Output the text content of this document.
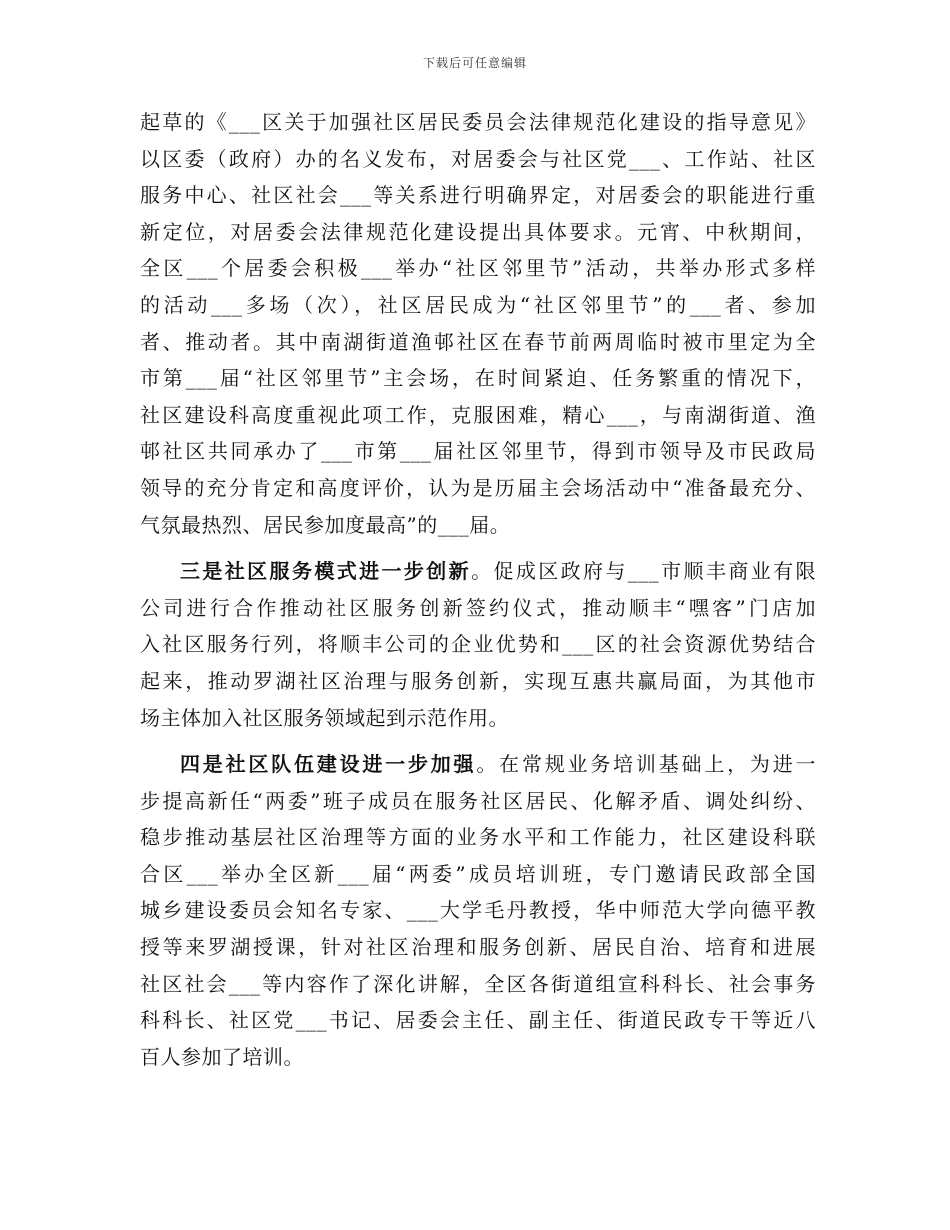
下载后可任意编辑
起草的《___区关于加强社区居民委员会法律规范化建设的指导意见》
以区委（政府）办的名义发布，对居委会与社区党___、工作站、社区
服务中心、社区社会___等关系进行明确界定，对居委会的职能进行重
新定位，对居委会法律规范化建设提出具体要求。元宵、中秋期间，
全区___个居委会积极___举办“社区邻里节”活动，共举办形式多样
的活动___多场（次），社区居民成为“社区邻里节”的___者、参加
者、推动者。其中南湖街道渔邨社区在春节前两周临时被市里定为全
市第___届“社区邻里节”主会场，在时间紧迫、任务繁重的情况下，
社区建设科高度重视此项工作，克服困难，精心___，与南湖街道、渔
邨社区共同承办了___市第___届社区邻里节，得到市领导及市民政局
领导的充分肯定和高度评价，认为是历届主会场活动中“准备最充分、
气氛最热烈、居民参加度最高”的___届。
三是社区服务模式进一步创新。促成区政府与___市顺丰商业有限
公司进行合作推动社区服务创新签约仪式，推动顺丰“嘿客”门店加
入社区服务行列，将顺丰公司的企业优势和___区的社会资源优势结合
起来，推动罗湖社区治理与服务创新，实现互惠共赢局面，为其他市
场主体加入社区服务领域起到示范作用。
四是社区队伍建设进一步加强。在常规业务培训基础上，为进一
步提高新任“两委”班子成员在服务社区居民、化解矛盾、调处纠纷、
稳步推动基层社区治理等方面的业务水平和工作能力，社区建设科联
合区___举办全区新___届“两委”成员培训班，专门邀请民政部全国
城乡建设委员会知名专家、___大学毛丹教授，华中师范大学向德平教
授等来罗湖授课，针对社区治理和服务创新、居民自治、培育和进展
社区社会___等内容作了深化讲解，全区各街道组宣科科长、社会事务
科科长、社区党___书记、居委会主任、副主任、街道民政专干等近八
百人参加了培训。
